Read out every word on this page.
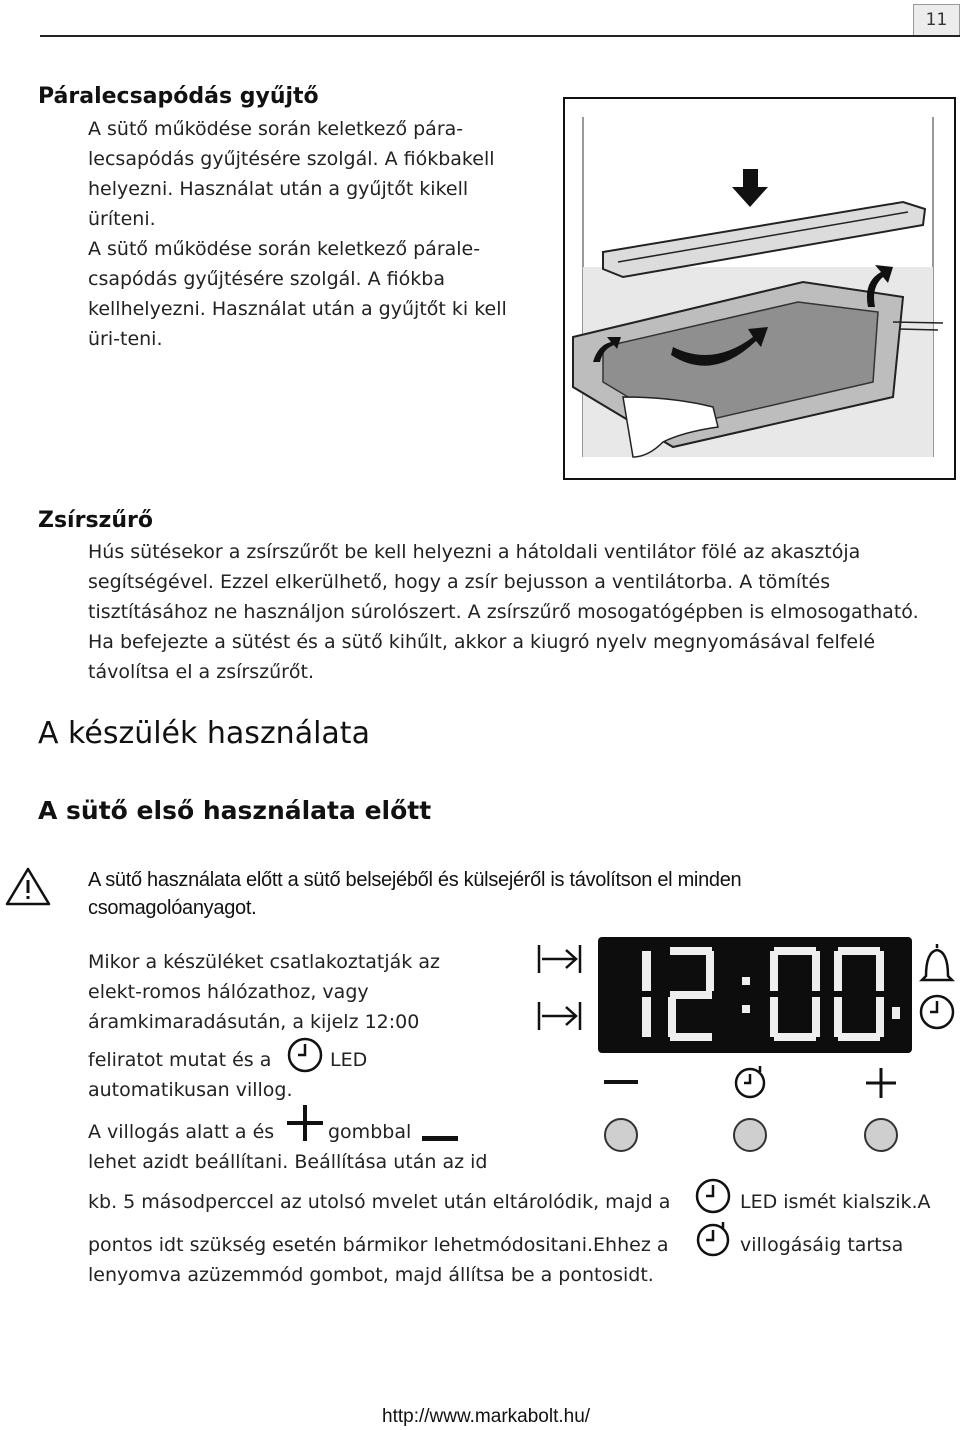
11
Páralecsapódás gyűjtő
A sütő működése során keletkező pára-
lecsapódás gyűjtésére szolgál. A fiókbakell
helyezni. Használat után a gyűjtőt kikell
üríteni.
A sütő működése során keletkező párale-
csapódás gyűjtésére szolgál. A fiókba
kellhelyezni. Használat után a gyűjtőt ki kell
üri-teni.
Zsírszűrő
Hús sütésekor a zsírszűrőt be kell helyezni a hátoldali ventilátor fölé az akasztója
segítségével. Ezzel elkerülhető, hogy a zsír bejusson a ventilátorba. A tömítés
tisztításához ne használjon súrolószert. A zsírszűrő mosogatógépben is elmosogatható.
Ha befejezte a sütést és a sütő kihűlt, akkor a kiugró nyelv megnyomásával felfelé
távolítsa el a zsírszűrőt.
A készülék használata
A sütő első használata előtt
A sütő használata előtt a sütő belsejéből és külsejéről is távolítson el minden
csomagolóanyagot.
Mikor a készüléket csatlakoztatják az
elekt-romos hálózathoz, vagy
áramkimaradásután, a kijelz 12:00
feliratot mutat és a	LED
automatikusan villog.
A villogás alatt a és	gombbal
lehet azidt beállítani. Beállítása után az id
kb. 5 másodperccel az utolsó mvelet után eltárolódik, majd a	LED ismét kialszik.A
pontos idt szükség esetén bármikor lehetmódositani.Ehhez a	villogásáig tartsa
lenyomva azüzemmód gombot, majd állítsa be a pontosidt.
http://www.markabolt.hu/
